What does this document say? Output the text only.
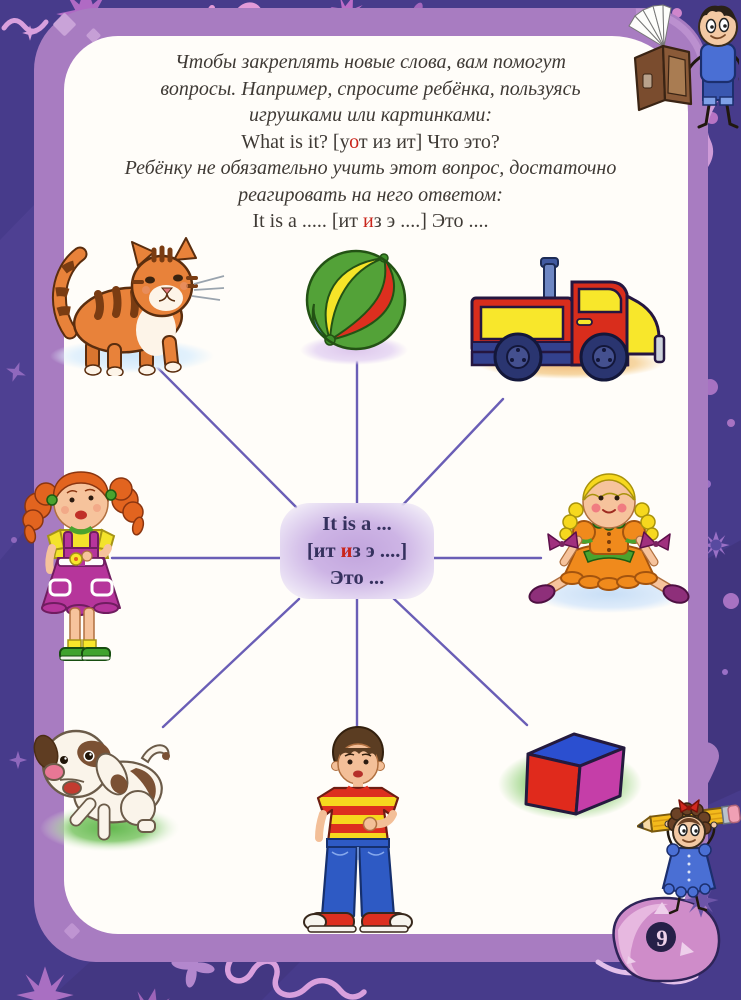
Чтобы закреплять новые слова, вам помогут
вопросы. Например, спросите ребёнка, пользуясь
игрушками или картинками:
What is it? [уот из ит] Что это?
Ребёнку не обязательно учить этот вопрос, достаточно
реагировать на него ответом:
It is a ..... [ит из э ....] Это ....
It is a ...
[ит из э ....]
Это ...
9
